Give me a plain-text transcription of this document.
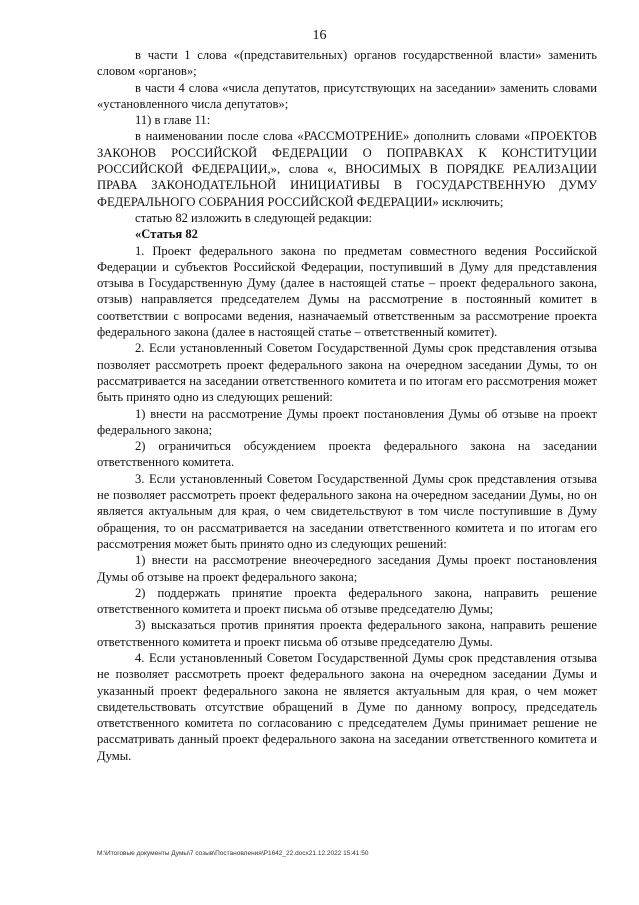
16

в части 1 слова «(представительных) органов государственной власти» заменить словом «органов»;

в части 4 слова «числа депутатов, присутствующих на заседании» заменить словами «установленного числа депутатов»;

11) в главе 11:

в наименовании после слова «РАССМОТРЕНИЕ» дополнить словами «ПРОЕКТОВ ЗАКОНОВ РОССИЙСКОЙ ФЕДЕРАЦИИ О ПОПРАВКАХ К КОНСТИТУЦИИ РОССИЙСКОЙ ФЕДЕРАЦИИ,», слова «, ВНОСИМЫХ В ПОРЯДКЕ РЕАЛИЗАЦИИ ПРАВА ЗАКОНОДАТЕЛЬНОЙ ИНИЦИАТИВЫ В ГОСУДАРСТВЕННУЮ ДУМУ ФЕДЕРАЛЬНОГО СОБРАНИЯ РОССИЙСКОЙ ФЕДЕРАЦИИ» исключить;

статью 82 изложить в следующей редакции:

«Статья 82

1. Проект федерального закона по предметам совместного ведения Российской Федерации и субъектов Российской Федерации, поступивший в Думу для представления отзыва в Государственную Думу (далее в настоящей статье – проект федерального закона, отзыв) направляется председателем Думы на рассмотрение в постоянный комитет в соответствии с вопросами ведения, назначаемый ответственным за рассмотрение проекта федерального закона (далее в настоящей статье – ответственный комитет).

2. Если установленный Советом Государственной Думы срок представления отзыва позволяет рассмотреть проект федерального закона на очередном заседании Думы, то он рассматривается на заседании ответственного комитета и по итогам его рассмотрения может быть принято одно из следующих решений:

1) внести на рассмотрение Думы проект постановления Думы об отзыве на проект федерального закона;

2) ограничиться обсуждением проекта федерального закона на заседании ответственного комитета.

3. Если установленный Советом Государственной Думы срок представления отзыва не позволяет рассмотреть проект федерального закона на очередном заседании Думы, но он является актуальным для края, о чем свидетельствуют в том числе поступившие в Думу обращения, то он рассматривается на заседании ответственного комитета и по итогам его рассмотрения может быть принято одно из следующих решений:

1) внести на рассмотрение внеочередного заседания Думы проект постановления Думы об отзыве на проект федерального закона;

2) поддержать принятие проекта федерального закона, направить решение ответственного комитета и проект письма об отзыве председателю Думы;

3) высказаться против принятия проекта федерального закона, направить решение ответственного комитета и проект письма об отзыве председателю Думы.

4. Если установленный Советом Государственной Думы срок представления отзыва не позволяет рассмотреть проект федерального закона на очередном заседании Думы и указанный проект федерального закона не является актуальным для края, о чем может свидетельствовать отсутствие обращений в Думе по данному вопросу, председатель ответственного комитета по согласованию с председателем Думы принимает решение не рассматривать данный проект федерального закона на заседании ответственного комитета и Думы.

M:\Итоговые документы Думы\7 созыв\Постановления\P1642_22.docx21.12.2022 15:41:50
